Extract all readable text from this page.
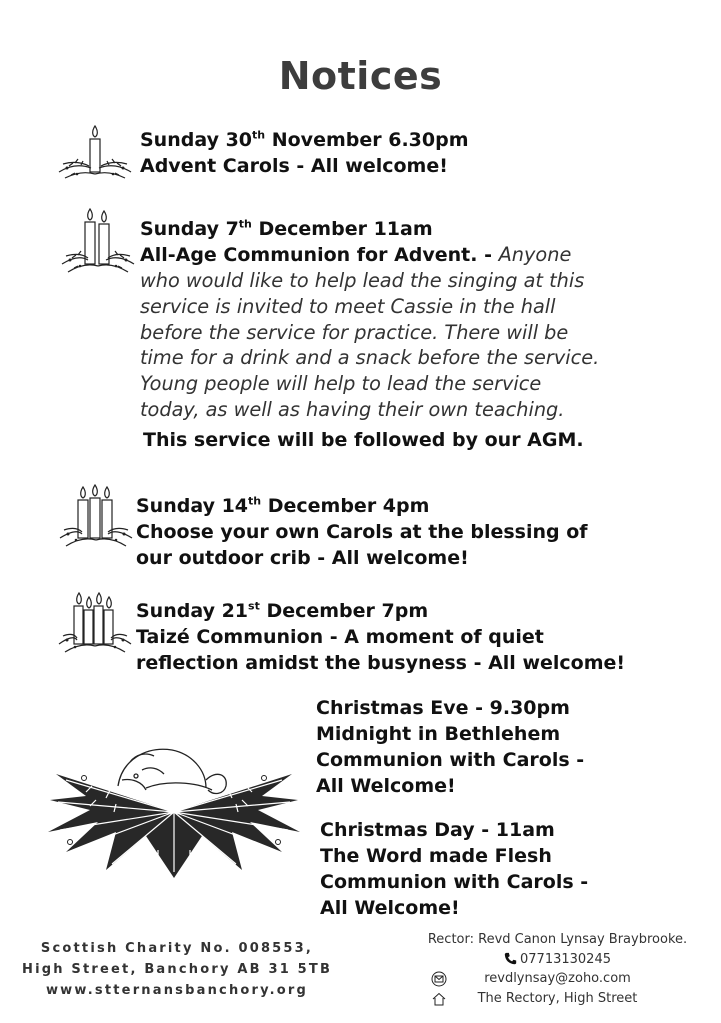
Notices
Sunday 30th November 6.30pm
Advent Carols - All welcome!
Sunday 7th December 11am
All-Age Communion for Advent. - Anyone
who would like to help lead the singing at this
service is invited to meet Cassie in the hall
before the service for practice. There will be
time for a drink and a snack before the service.
Young people will help to lead the service
today, as well as having their own teaching.
This service will be followed by our AGM.
Sunday 14th December 4pm
Choose your own Carols at the blessing of
our outdoor crib - All welcome!
Sunday 21st December 7pm
Taizé Communion - A moment of quiet
reflection amidst the busyness - All welcome!
Christmas Eve - 9.30pm
Midnight in Bethlehem
Communion with Carols -
All Welcome!
Christmas Day - 11am
The Word made Flesh
Communion with Carols -
All Welcome!
Scottish Charity No. 008553,
High Street, Banchory AB 31 5TB
www.stternansbanchory.org
Rector: Revd Canon Lynsay Braybrooke.
07713130245
revdlynsay@zoho.com
The Rectory, High Street
